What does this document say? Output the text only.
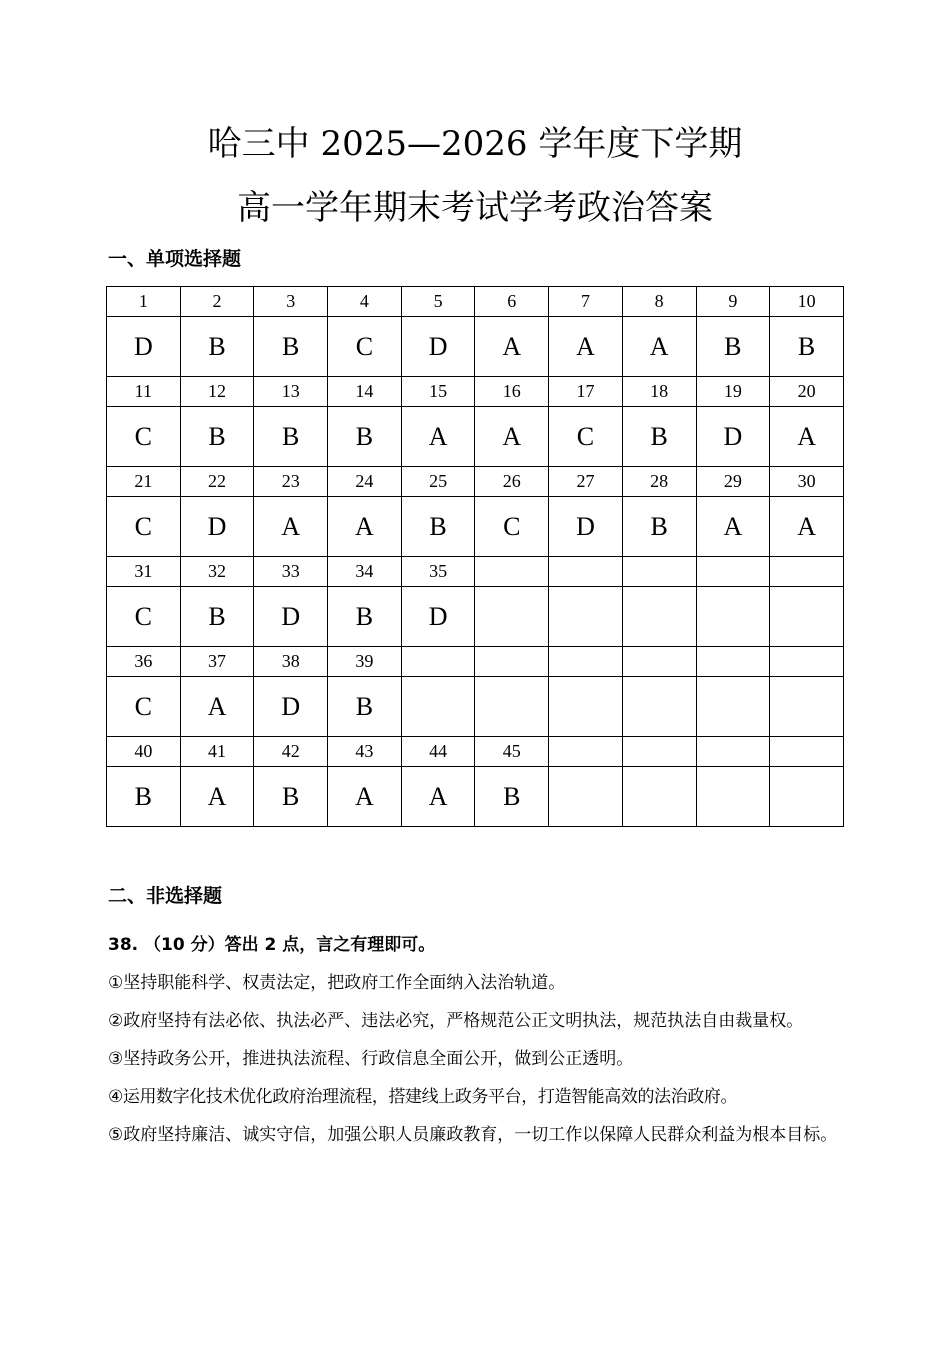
哈三中 2025—2026 学年度下学期
高一学年期末考试学考政治答案
一、单项选择题
1	2	3	4	5	6	7	8	9	10
D	B	B	C	D	A	A	A	B	B
11	12	13	14	15	16	17	18	19	20
C	B	B	B	A	A	C	B	D	A
21	22	23	24	25	26	27	28	29	30
C	D	A	A	B	C	D	B	A	A
31	32	33	34	35					
C	B	D	B	D					
36	37	38	39						
C	A	D	B						
40	41	42	43	44	45				
B	A	B	A	A	B				
二、非选择题

38. （10 分）答出 2 点，言之有理即可。

①坚持职能科学、权责法定，把政府工作全面纳入法治轨道。

②政府坚持有法必依、执法必严、违法必究，严格规范公正文明执法，规范执法自由裁量权。

③坚持政务公开，推进执法流程、行政信息全面公开，做到公正透明。

④运用数字化技术优化政府治理流程，搭建线上政务平台，打造智能高效的法治政府。

⑤政府坚持廉洁、诚实守信，加强公职人员廉政教育，一切工作以保障人民群众利益为根本目标。
